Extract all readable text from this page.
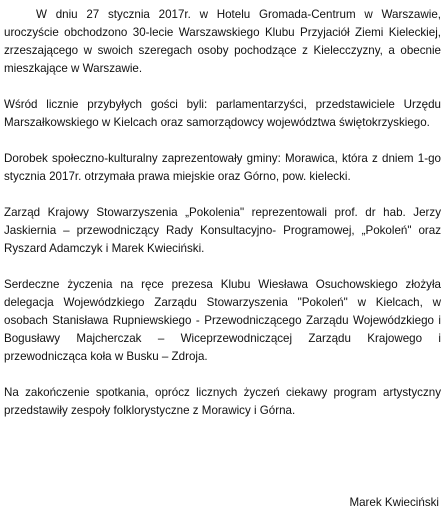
W dniu 27 stycznia 2017r. w Hotelu Gromada-Centrum w Warszawie, uroczyście obchodzono 30-lecie Warszawskiego Klubu Przyjaciół Ziemi Kieleckiej, zrzeszającego w swoich szeregach osoby pochodzące z Kielecczyzny, a obecnie mieszkające w Warszawie.

Wśród licznie przybyłych gości byli: parlamentarzyści, przedstawiciele Urzędu Marszałkowskiego w Kielcach oraz samorządowcy województwa świętokrzyskiego.

Dorobek społeczno-kulturalny zaprezentowały gminy: Morawica, która z dniem 1-go stycznia 2017r. otrzymała prawa miejskie oraz Górno, pow. kielecki.

Zarząd Krajowy Stowarzyszenia „Pokolenia" reprezentowali prof. dr hab. Jerzy Jaskiernia – przewodniczący Rady Konsultacyjno- Programowej, „Pokoleń" oraz Ryszard Adamczyk i Marek Kwieciński.

Serdeczne życzenia na ręce prezesa Klubu Wiesława Osuchowskiego złożyła delegacja Wojewódzkiego Zarządu Stowarzyszenia "Pokoleń" w Kielcach, w osobach Stanisława Rupniewskiego - Przewodniczącego Zarządu Wojewódzkiego i Bogusławy Majcherczak – Wiceprzewodniczącej Zarządu Krajowego i przewodnicząca koła w Busku – Zdroja.

Na zakończenie spotkania, oprócz licznych życzeń ciekawy program artystyczny przedstawiły zespoły folklorystyczne z Morawicy i Górna.

Marek Kwieciński
